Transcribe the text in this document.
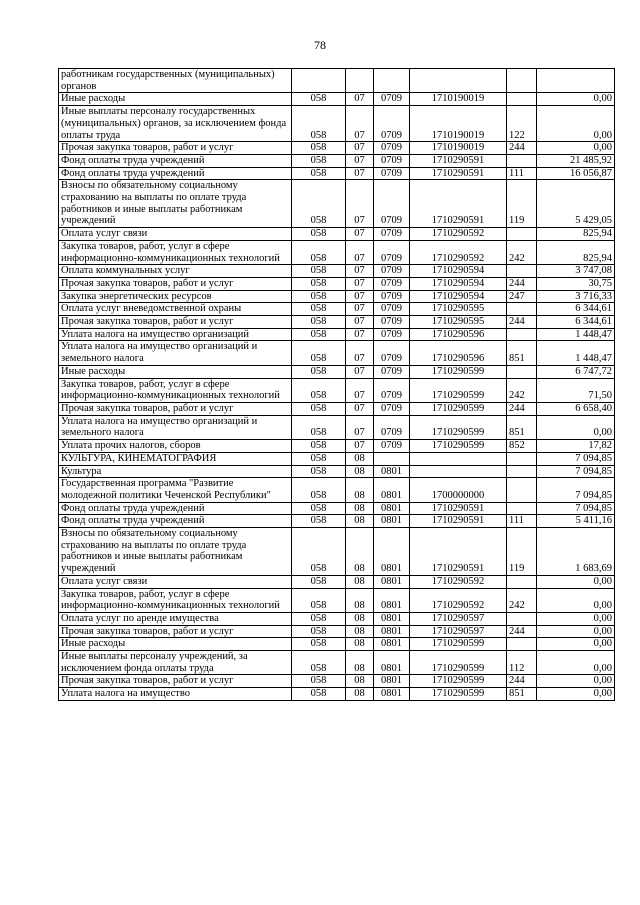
78
работникам государственных (муниципальных) органов						
Иные расходы	058	07	0709	1710190019		0,00
Иные выплаты персоналу государственных (муниципальных) органов, за исключением фонда оплаты труда	058	07	0709	1710190019	122	0,00
Прочая закупка товаров, работ и услуг	058	07	0709	1710190019	244	0,00
Фонд оплаты труда учреждений	058	07	0709	1710290591		21 485,92
Фонд оплаты труда учреждений	058	07	0709	1710290591	111	16 056,87
Взносы по обязательному социальному страхованию на выплаты по оплате труда работников и иные выплаты работникам учреждений	058	07	0709	1710290591	119	5 429,05
Оплата услуг связи	058	07	0709	1710290592		825,94
Закупка товаров, работ, услуг в сфере информационно-коммуникационных технологий	058	07	0709	1710290592	242	825,94
Оплата коммунальных услуг	058	07	0709	1710290594		3 747,08
Прочая закупка товаров, работ и услуг	058	07	0709	1710290594	244	30,75
Закупка энергетических ресурсов	058	07	0709	1710290594	247	3 716,33
Оплата услуг вневедомственной охраны	058	07	0709	1710290595		6 344,61
Прочая закупка товаров, работ и услуг	058	07	0709	1710290595	244	6 344,61
Уплата налога на имущество организаций	058	07	0709	1710290596		1 448,47
Уплата налога на имущество организаций и земельного налога	058	07	0709	1710290596	851	1 448,47
Иные расходы	058	07	0709	1710290599		6 747,72
Закупка товаров, работ, услуг в сфере информационно-коммуникационных технологий	058	07	0709	1710290599	242	71,50
Прочая закупка товаров, работ и услуг	058	07	0709	1710290599	244	6 658,40
Уплата налога на имущество организаций и земельного налога	058	07	0709	1710290599	851	0,00
Уплата прочих налогов, сборов	058	07	0709	1710290599	852	17,82
КУЛЬТУРА, КИНЕМАТОГРАФИЯ	058	08				7 094,85
Культура	058	08	0801			7 094,85
Государственная программа "Развитие молодежной политики Чеченской Республики"	058	08	0801	1700000000		7 094,85
Фонд оплаты труда учреждений	058	08	0801	1710290591		7 094,85
Фонд оплаты труда учреждений	058	08	0801	1710290591	111	5 411,16
Взносы по обязательному социальному страхованию на выплаты по оплате труда работников и иные выплаты работникам учреждений	058	08	0801	1710290591	119	1 683,69
Оплата услуг связи	058	08	0801	1710290592		0,00
Закупка товаров, работ, услуг в сфере информационно-коммуникационных технологий	058	08	0801	1710290592	242	0,00
Оплата услуг по аренде имущества	058	08	0801	1710290597		0,00
Прочая закупка товаров, работ и услуг	058	08	0801	1710290597	244	0,00
Иные расходы	058	08	0801	1710290599		0,00
Иные выплаты персоналу учреждений, за исключением фонда оплаты труда	058	08	0801	1710290599	112	0,00
Прочая закупка товаров, работ и услуг	058	08	0801	1710290599	244	0,00
Уплата налога на имущество	058	08	0801	1710290599	851	0,00
